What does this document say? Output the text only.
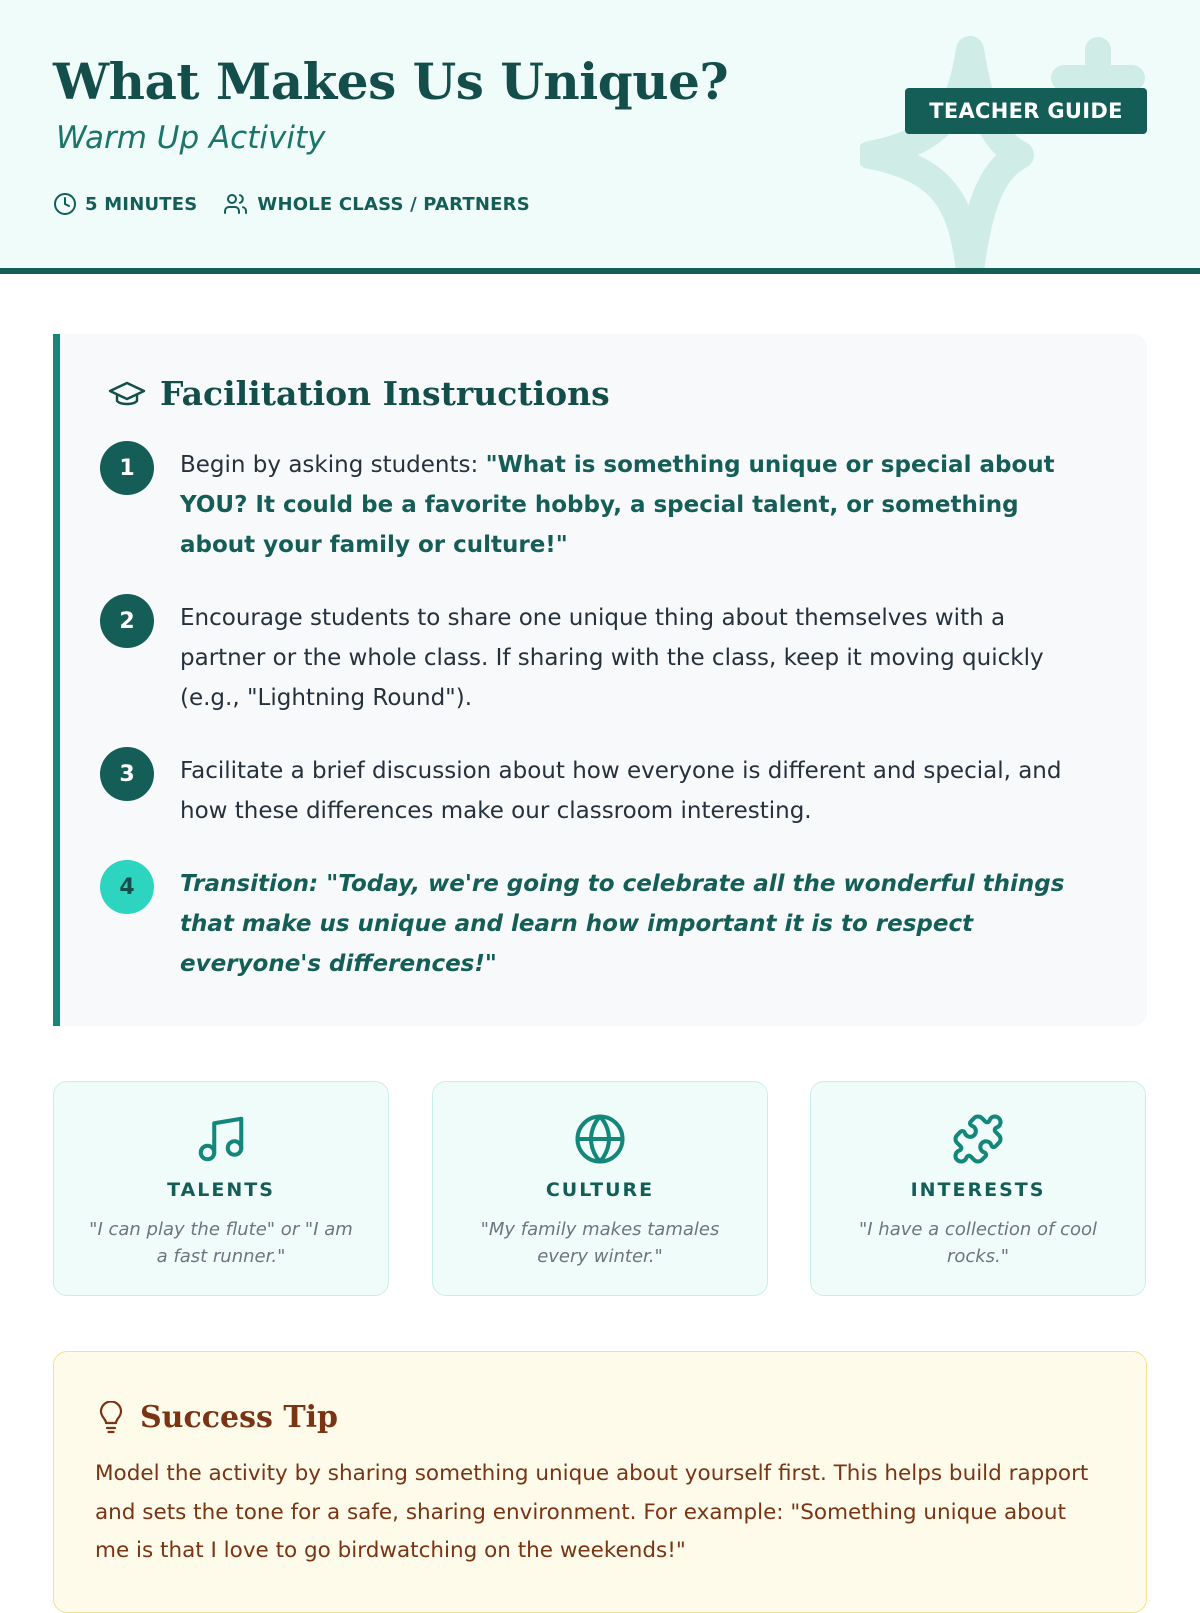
What Makes Us Unique?
Warm Up Activity
5 MINUTES	WHOLE CLASS / PARTNERS
TEACHER GUIDE
Facilitation Instructions
1	Begin by asking students: "What is something unique or special about YOU? It could be a favorite hobby, a special talent, or something about your family or culture!"

2	Encourage students to share one unique thing about themselves with a partner or the whole class. If sharing with the class, keep it moving quickly (e.g., "Lightning Round").

3	Facilitate a brief discussion about how everyone is different and special, and how these differences make our classroom interesting.

4	Transition: "Today, we're going to celebrate all the wonderful things that make us unique and learn how important it is to respect everyone's differences!"

TALENTS
"I can play the flute" or "I am a fast runner."
CULTURE
"My family makes tamales every winter."
INTERESTS
"I have a collection of cool rocks."
Success Tip

Model the activity by sharing something unique about yourself first. This helps build rapport and sets the tone for a safe, sharing environment. For example: "Something unique about me is that I love to go birdwatching on the weekends!"
